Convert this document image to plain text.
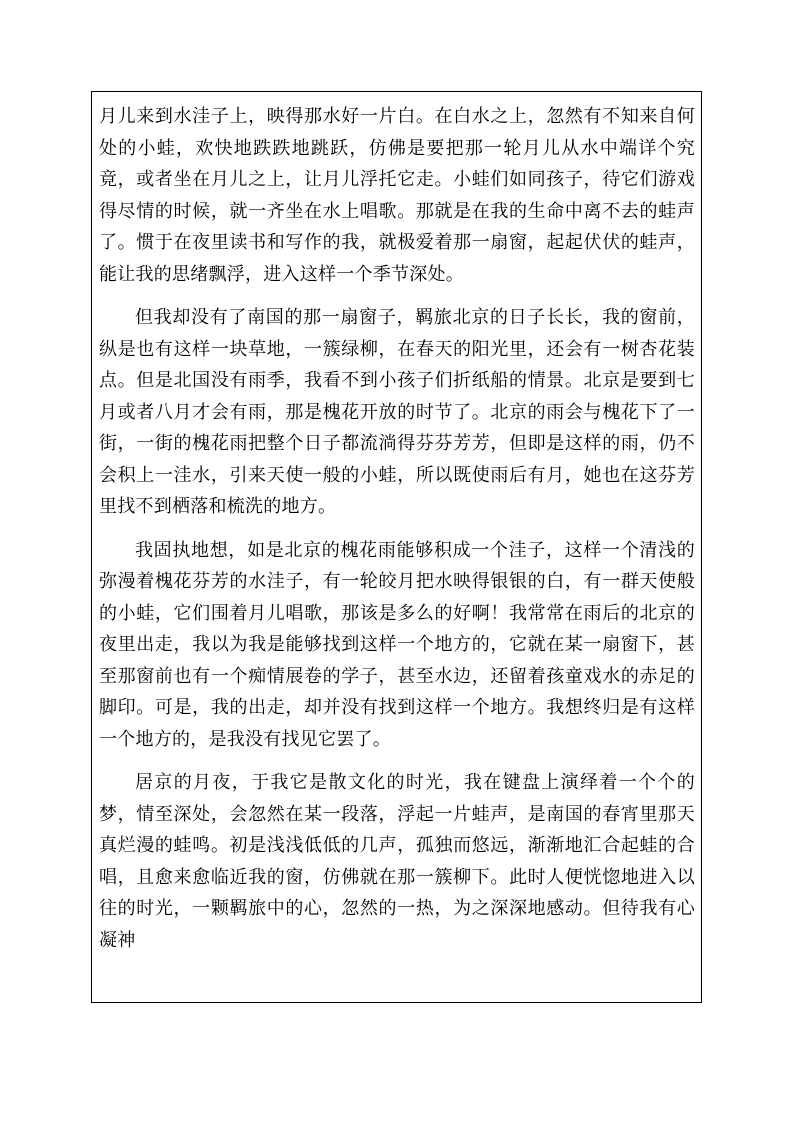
月儿来到水洼子上，映得那水好一片白。在白水之上，忽然有不知来自何处的小蛙，欢快地跌跌地跳跃，仿佛是要把那一轮月儿从水中端详个究竟，或者坐在月儿之上，让月儿浮托它走。小蛙们如同孩子，待它们游戏得尽情的时候，就一齐坐在水上唱歌。那就是在我的生命中离不去的蛙声了。惯于在夜里读书和写作的我，就极爱着那一扇窗，起起伏伏的蛙声，能让我的思绪飘浮，进入这样一个季节深处。

但我却没有了南国的那一扇窗子，羁旅北京的日子长长，我的窗前，纵是也有这样一块草地，一簇绿柳，在春天的阳光里，还会有一树杏花装点。但是北国没有雨季，我看不到小孩子们折纸船的情景。北京是要到七月或者八月才会有雨，那是槐花开放的时节了。北京的雨会与槐花下了一街，一街的槐花雨把整个日子都流淌得芬芬芳芳，但即是这样的雨，仍不会积上一洼水，引来天使一般的小蛙，所以既使雨后有月，她也在这芬芳里找不到栖落和梳洗的地方。

我固执地想，如是北京的槐花雨能够积成一个洼子，这样一个清浅的弥漫着槐花芬芳的水洼子，有一轮皎月把水映得银银的白，有一群天使般的小蛙，它们围着月儿唱歌，那该是多么的好啊！我常常在雨后的北京的夜里出走，我以为我是能够找到这样一个地方的，它就在某一扇窗下，甚至那窗前也有一个痴情展卷的学子，甚至水边，还留着孩童戏水的赤足的脚印。可是，我的出走，却并没有找到这样一个地方。我想终归是有这样一个地方的，是我没有找见它罢了。

居京的月夜，于我它是散文化的时光，我在键盘上演绎着一个个的梦，情至深处，会忽然在某一段落，浮起一片蛙声，是南国的春宵里那天真烂漫的蛙鸣。初是浅浅低低的几声，孤独而悠远，渐渐地汇合起蛙的合唱，且愈来愈临近我的窗，仿佛就在那一簇柳下。此时人便恍惚地进入以往的时光，一颗羁旅中的心，忽然的一热，为之深深地感动。但待我有心凝神
